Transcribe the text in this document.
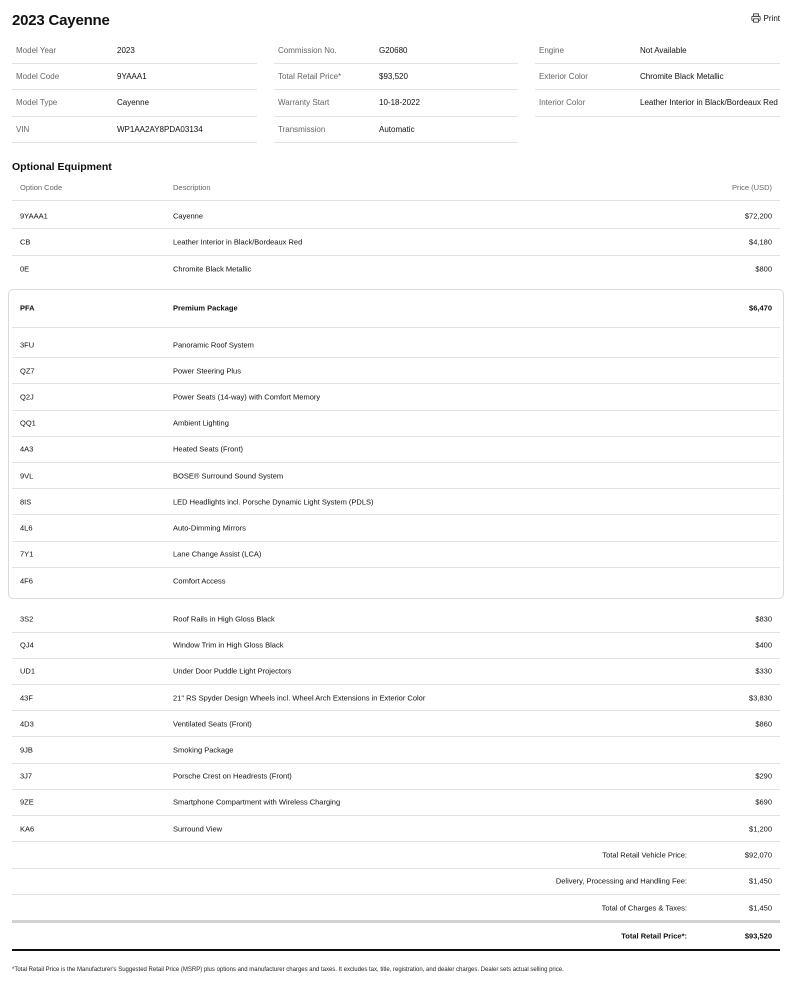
2023 Cayenne	Print
Model Year	2023
Model Code	9YAAA1
Model Type	Cayenne
VIN	WP1AA2AY8PDA03134
Commission No.	G20680
Total Retail Price*	$93,520
Warranty Start	10-18-2022
Transmission	Automatic
Engine	Not Available
Exterior Color	Chromite Black Metallic
Interior Color	Leather Interior in Black/Bordeaux Red
Optional Equipment
Option Code	Description	Price (USD)
9YAAA1	Cayenne	$72,200
CB	Leather Interior in Black/Bordeaux Red	$4,180
0E	Chromite Black Metallic	$800
PFA	Premium Package	$6,470
3FU	Panoramic Roof System
QZ7	Power Steering Plus
Q2J	Power Seats (14-way) with Comfort Memory
QQ1	Ambient Lighting
4A3	Heated Seats (Front)
9VL	BOSE® Surround Sound System
8IS	LED Headlights incl. Porsche Dynamic Light System (PDLS)
4L6	Auto-Dimming Mirrors
7Y1	Lane Change Assist (LCA)
4F6	Comfort Access
3S2	Roof Rails in High Gloss Black	$830
QJ4	Window Trim in High Gloss Black	$400
UD1	Under Door Puddle Light Projectors	$330
43F	21" RS Spyder Design Wheels incl. Wheel Arch Extensions in Exterior Color	$3,830
4D3	Ventilated Seats (Front)	$860
9JB	Smoking Package
3J7	Porsche Crest on Headrests (Front)	$290
9ZE	Smartphone Compartment with Wireless Charging	$690
KA6	Surround View	$1,200
Total Retail Vehicle Price:	$92,070
Delivery, Processing and Handling Fee:	$1,450
Total of Charges & Taxes:	$1,450
Total Retail Price*:	$93,520
*Total Retail Price is the Manufacturer's Suggested Retail Price (MSRP) plus options and manufacturer charges and taxes. It excludes tax, title, registration, and dealer charges. Dealer sets actual selling price.
